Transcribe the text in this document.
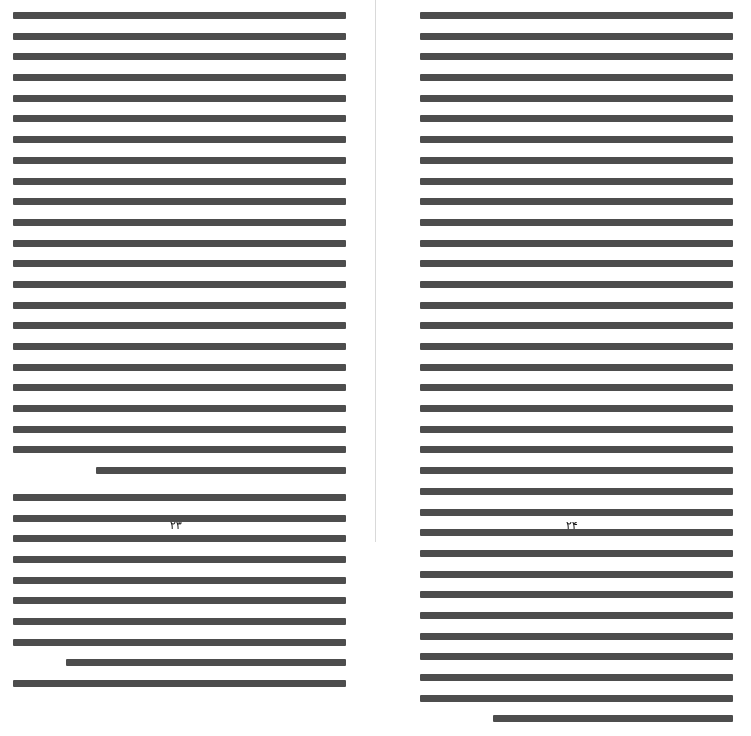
۲۳	۲۴
